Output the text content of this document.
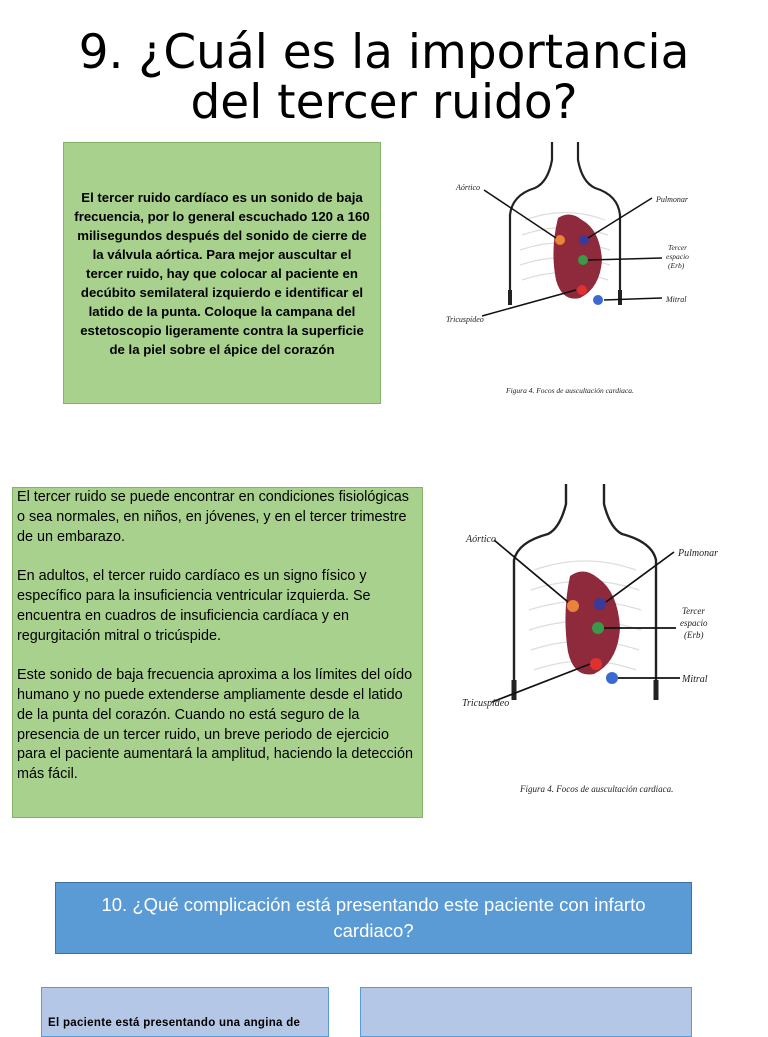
9. ¿Cuál es la importancia del tercer ruido?
El tercer ruido cardíaco es un sonido de baja frecuencia, por lo general escuchado 120 a 160 milisegundos después del sonido de cierre de la válvula aórtica. Para mejor auscultar el tercer ruido, hay que colocar al paciente en decúbito semilateral izquierdo e identificar el latido de la punta. Coloque la campana del estetoscopio ligeramente contra la superficie de la piel sobre el ápice del corazón
Aórtico
Pulmonar
Tercer
espacio
(Erb)
Tricuspídeo
Mitral
Figura 4. Focos de auscultación cardiaca.

El tercer ruido se puede encontrar en condiciones fisiológicas o sea normales, en niños, en jóvenes, y en el tercer trimestre de un embarazo.

En adultos, el tercer ruido cardíaco es un signo físico y específico para la insuficiencia ventricular izquierda. Se encuentra en cuadros de insuficiencia cardíaca y en regurgitación mitral o tricúspide.

Este sonido de baja frecuencia aproxima a los límites del oído humano y no puede extenderse ampliamente desde el latido de la punta del corazón. Cuando no está seguro de la presencia de un tercer ruido, un breve periodo de ejercicio para el paciente aumentará la amplitud, haciendo la detección más fácil.

Aórtico
Pulmonar
Tercer
espacio
(Erb)
Tricuspídeo
Mitral
Figura 4. Focos de auscultación cardiaca.
10. ¿Qué complicación está presentando este paciente con infarto cardiaco?
El paciente está presentando una angina de
